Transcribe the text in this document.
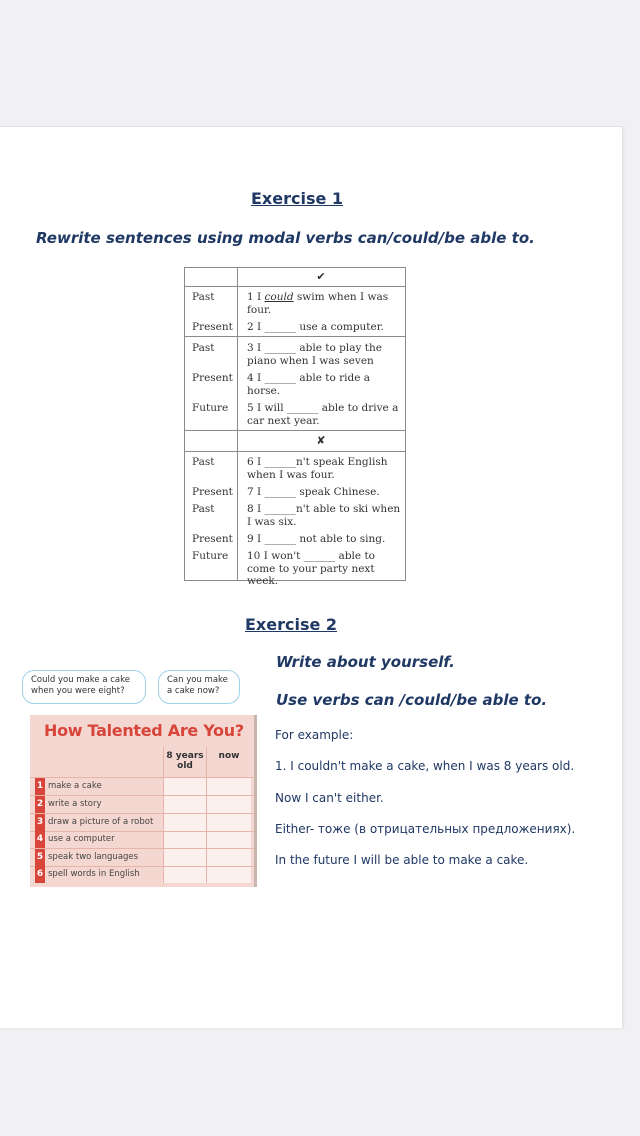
Exercise 1
Rewrite sentences using modal verbs can/could/be able to.
✔
✘
Past	1 I could swim when I was four.
Present 2 I ______ use a computer.
Past	3 I ______ able to play the piano when I was seven
Present 4 I ______ able to ride a horse.
Future 5 I will ______ able to drive a car next year.
Past	6 I ______n't speak English when I was four.
Present 7 I ______ speak Chinese.
Past	8 I ______n't able to ski when I was six.
Present 9 I ______ not able to sing.
Future 10 I won't ______ able to come to your party next week.
Exercise 2
Write about yourself.
Use verbs can /could/be able to.
For example:
1. I couldn't make a cake, when I was 8 years old.
Now I can't either.
Either- тоже (в отрицательных предложениях).
In the future I will be able to make a cake.
Could you make a cake when you were eight?
Can you make a cake now?
How Talented Are You?
8 years old
now
1 make a cake
2 write a story
3 draw a picture of a robot
4 use a computer
5 speak two languages
6 spell words in English
